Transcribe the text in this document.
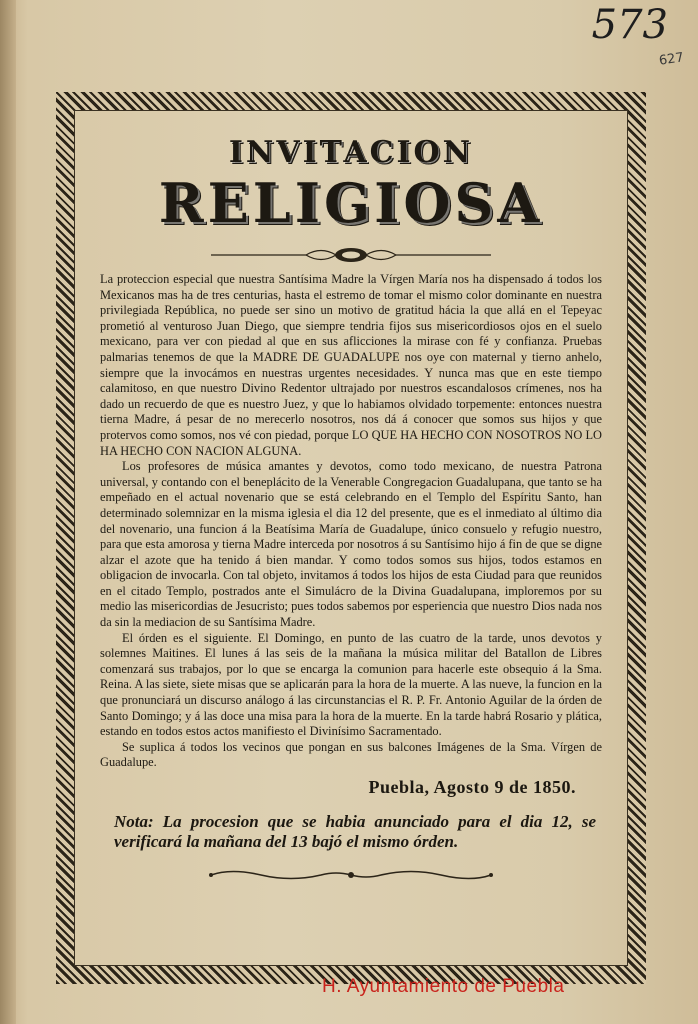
573
627
INVITACION
RELIGIOSA

La proteccion especial que nuestra Santísima Madre la Vírgen María nos ha dispensado á todos los Mexicanos mas ha de tres centurias, hasta el estremo de tomar el mismo color dominante en nuestra privilegiada República, no puede ser sino un motivo de gratitud hácia la que allá en el Tepeyac prometió al venturoso Juan Diego, que siempre tendria fijos sus misericordiosos ojos en el suelo mexicano, para ver con piedad al que en sus aflicciones la mirase con fé y confianza. Pruebas palmarias tenemos de que la MADRE DE GUADALUPE nos oye con maternal y tierno anhelo, siempre que la invocámos en nuestras urgentes necesidades. Y nunca mas que en este tiempo calamitoso, en que nuestro Divino Redentor ultrajado por nuestros escandalosos crímenes, nos ha dado un recuerdo de que es nuestro Juez, y que lo habiamos olvidado torpemente: entonces nuestra tierna Madre, á pesar de no merecerlo nosotros, nos dá á conocer que somos sus hijos y que protervos como somos, nos vé con piedad, porque LO QUE HA HECHO CON NOSOTROS NO LO HA HECHO CON NACION ALGUNA.

Los profesores de música amantes y devotos, como todo mexicano, de nuestra Patrona universal, y contando con el beneplácito de la Venerable Congregacion Guadalupana, que tanto se ha empeñado en el actual novenario que se está celebrando en el Templo del Espíritu Santo, han determinado solemnizar en la misma iglesia el dia 12 del presente, que es el inmediato al último dia del novenario, una funcion á la Beatísima María de Guadalupe, único consuelo y refugio nuestro, para que esta amorosa y tierna Madre interceda por nosotros á su Santísimo hijo á fin de que se digne alzar el azote que ha tenido á bien mandar. Y como todos somos sus hijos, todos estamos en obligacion de invocarla. Con tal objeto, invitamos á todos los hijos de esta Ciudad para que reunidos en el citado Templo, postrados ante el Simulácro de la Divina Guadalupana, imploremos por su medio las misericordias de Jesucristo; pues todos sabemos por esperiencia que nuestro Dios nada nos da sin la mediacion de su Santísima Madre.

El órden es el siguiente. El Domingo, en punto de las cuatro de la tarde, unos devotos y solemnes Maitines. El lunes á las seis de la mañana la música militar del Batallon de Libres comenzará sus trabajos, por lo que se encarga la comunion para hacerle este obsequio á la Sma. Reina. A las siete, siete misas que se aplicarán para la hora de la muerte. A las nueve, la funcion en la que pronunciará un discurso análogo á las circunstancias el R. P. Fr. Antonio Aguilar de la órden de Santo Domingo; y á las doce una misa para la hora de la muerte. En la tarde habrá Rosario y plática, estando en todos estos actos manifiesto el Divinísimo Sacramentado.

Se suplica á todos los vecinos que pongan en sus balcones Imágenes de la Sma. Vírgen de Guadalupe.

Puebla, Agosto 9 de 1850.
Nota: La procesion que se habia anunciado para el dia 12, se verificará la mañana del 13 bajó el mismo órden.
H. Ayuntamiento de Puebla
